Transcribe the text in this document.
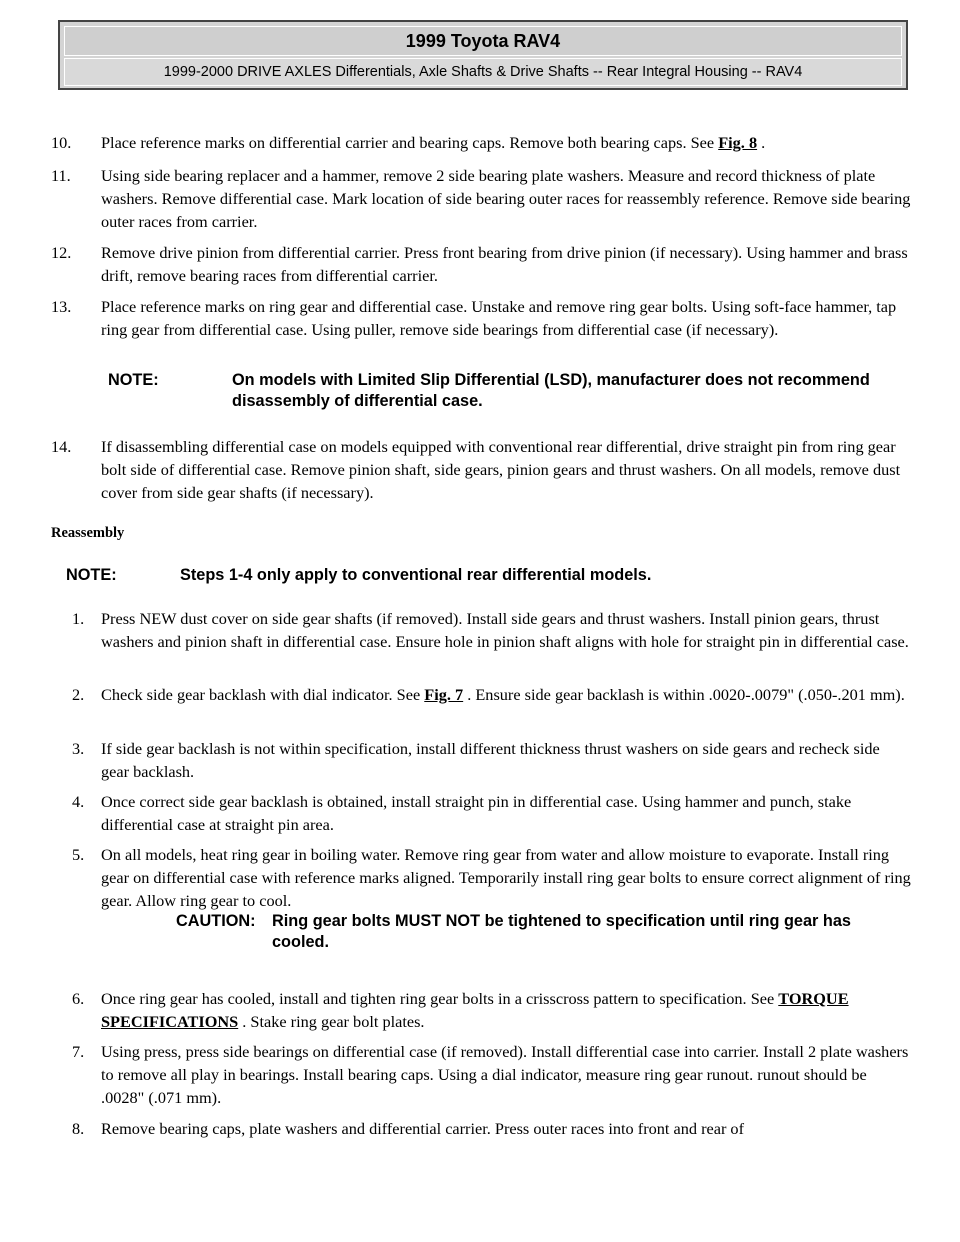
1999 Toyota RAV4
1999-2000 DRIVE AXLES Differentials, Axle Shafts & Drive Shafts -- Rear Integral Housing -- RAV4
10. Place reference marks on differential carrier and bearing caps. Remove both bearing caps. See Fig. 8 .
11. Using side bearing replacer and a hammer, remove 2 side bearing plate washers. Measure and record thickness of plate washers. Remove differential case. Mark location of side bearing outer races for reassembly reference. Remove side bearing outer races from carrier.
12. Remove drive pinion from differential carrier. Press front bearing from drive pinion (if necessary). Using hammer and brass drift, remove bearing races from differential carrier.
13. Place reference marks on ring gear and differential case. Unstake and remove ring gear bolts. Using soft-face hammer, tap ring gear from differential case. Using puller, remove side bearings from differential case (if necessary).
NOTE:	On models with Limited Slip Differential (LSD), manufacturer does not recommend disassembly of differential case.
14. If disassembling differential case on models equipped with conventional rear differential, drive straight pin from ring gear bolt side of differential case. Remove pinion shaft, side gears, pinion gears and thrust washers. On all models, remove dust cover from side gear shafts (if necessary).
Reassembly
NOTE:	Steps 1-4 only apply to conventional rear differential models.
1. Press NEW dust cover on side gear shafts (if removed). Install side gears and thrust washers. Install pinion gears, thrust washers and pinion shaft in differential case. Ensure hole in pinion shaft aligns with hole for straight pin in differential case.
2. Check side gear backlash with dial indicator. See Fig. 7 . Ensure side gear backlash is within .0020-.0079" (.050-.201 mm).
3. If side gear backlash is not within specification, install different thickness thrust washers on side gears and recheck side gear backlash.
4. Once correct side gear backlash is obtained, install straight pin in differential case. Using hammer and punch, stake differential case at straight pin area.
5. On all models, heat ring gear in boiling water. Remove ring gear from water and allow moisture to evaporate. Install ring gear on differential case with reference marks aligned. Temporarily install ring gear bolts to ensure correct alignment of ring gear. Allow ring gear to cool.
CAUTION: Ring gear bolts MUST NOT be tightened to specification until ring gear has cooled.
6. Once ring gear has cooled, install and tighten ring gear bolts in a crisscross pattern to specification. See TORQUE SPECIFICATIONS . Stake ring gear bolt plates.
7. Using press, press side bearings on differential case (if removed). Install differential case into carrier. Install 2 plate washers to remove all play in bearings. Install bearing caps. Using a dial indicator, measure ring gear runout. runout should be .0028" (.071 mm).
8. Remove bearing caps, plate washers and differential carrier. Press outer races into front and rear of
